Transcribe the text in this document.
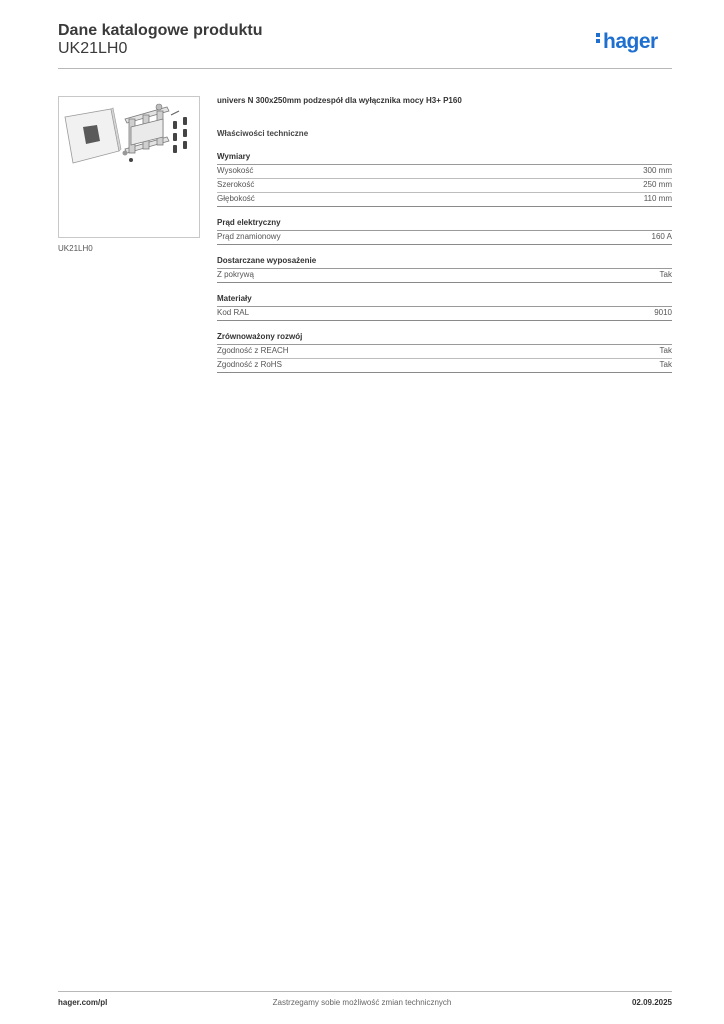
Dane katalogowe produktu
UK21LH0	hager
UK21LH0
univers N 300x250mm podzespół dla wyłącznika mocy H3+ P160
Właściwości techniczne
Wymiary
Wysokość	300 mm
Szerokość	250 mm
Głębokość	110 mm
Prąd elektryczny
Prąd znamionowy	160 A
Dostarczane wyposażenie
Z pokrywą	Tak
Materiały
Kod RAL	9010
Zrównoważony rozwój
Zgodność z REACH	Tak
Zgodność z RoHS	Tak
hager.com/pl	Zastrzegamy sobie możliwość zmian technicznych	02.09.2025
